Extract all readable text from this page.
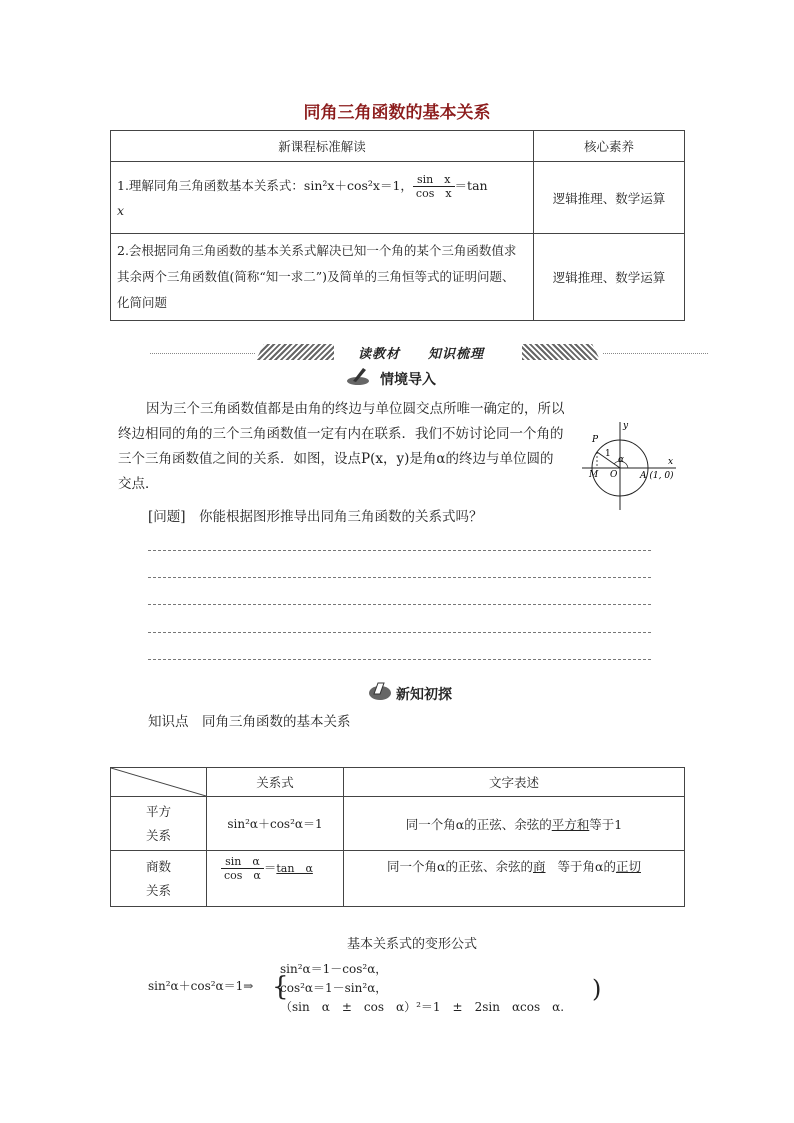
同角三角函数的基本关系
新课程标准解读	核心素养
1.理解同角三角函数基本关系式：sin²x＋cos²x＝1， $\frac{\text{sin　x}}{\text{cos　x}} =\tan$
x	逻辑推理、数学运算
2.会根据同角三角函数的基本关系式解决已知一个角的某个三角函数值求其余两个三角函数值(简称“知一求二”)及简单的三角恒等式的证明问题、化简问题	逻辑推理、数学运算
读教材 知识梳理
情境导入
因为三个三角函数值都是由角的终边与单位圆交点所唯一确定的，所以终边相同的角的三个三角函数值一定有内在联系．我们不妨讨论同一个角的三个三角函数值之间的关系．如图，设点P(x，y)是角α的终边与单位圆的交点．
P
y
x
1
α
M O	A (1, 0)
[问题]　你能根据图形推导出同角三角函数的关系式吗？
新知初探
知识点　同角三角函数的基本关系
	关系式	文字表述
平方
关系	sin²α＋cos²α＝1	同一个角α的正弦、余弦的平方和等于1
商数
关系	$\frac{\text{sin　α}}{\text{cos　α}} =\tan$　α	同一个角α的正弦、余弦的商 等于角α的正切
基本关系式的变形公式
sin²α＋cos²α＝1⇒ {
sin²α＝1－cos²α，
cos²α＝1－sin²α，
（sin　α　±　cos　α）²＝1　±　2sin　αcos　α.
)
